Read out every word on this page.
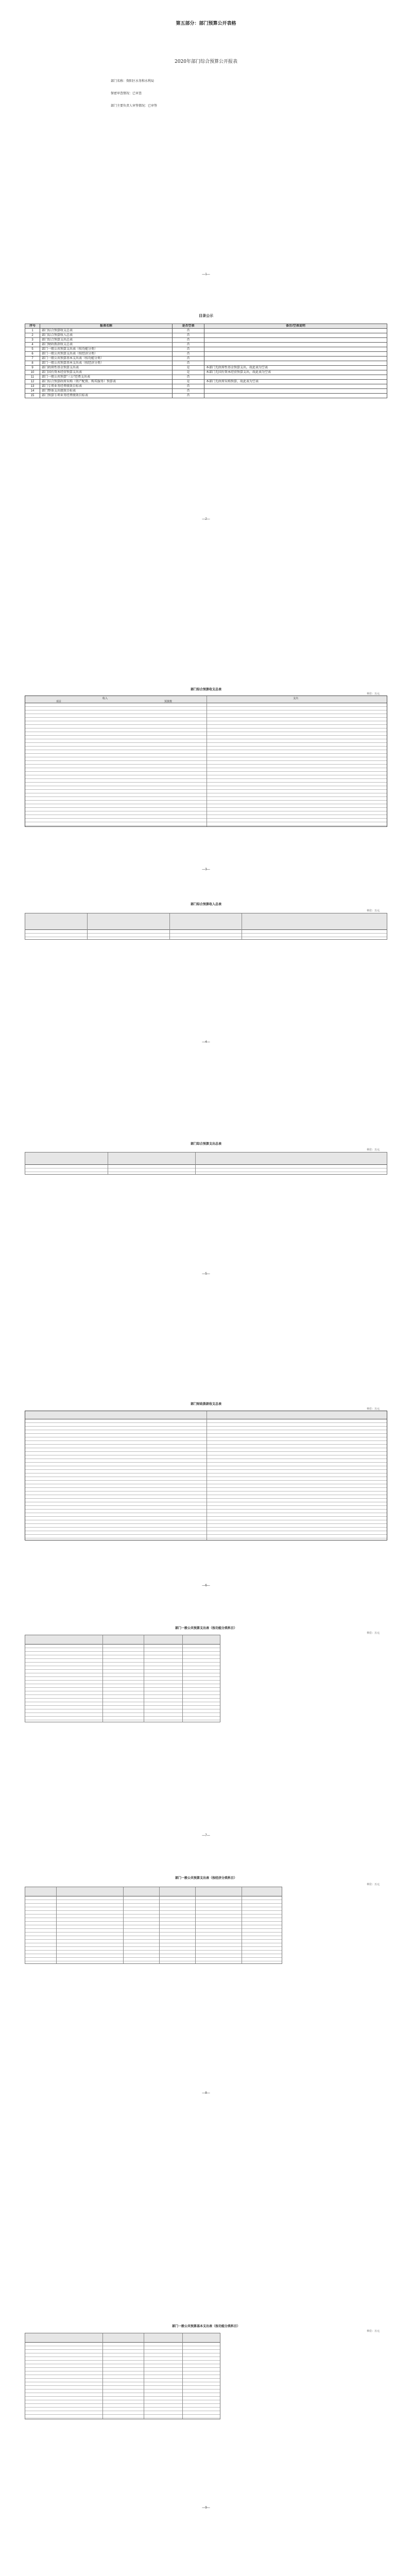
第五部分：部门预算公开表格
2020年部门综合预算公开报表
部门名称：资阳区水务和水利局
保密审查情况：已审查
部门主要负责人审签情况：已审签
—1—
目录公示
序号	报表名称	是否空表	备注/空表说明
1	部门综合预算收支总表	否	
2	部门综合预算收入总表	否	
3	部门综合预算支出总表	否	
4	部门财政拨款收支总表	否	
5	部门一般公共预算支出表（按功能分类）	否	
6	部门一般公共预算支出表（按经济分类）	否	
7	部门一般公共预算基本支出表（按功能分类）	否	
8	部门一般公共预算基本支出表（按经济分类）	否	
9	部门政府性基金预算支出表	是	本部门无政府性基金预算支出，故此表为空表
10	部门国有资本经营预算支出表	是	本部门无国有资本经营预算支出，故此表为空表
11	部门一般公共预算“三公”经费支出表	否	
12	部门综合预算政府采购（资产配置、购买服务）预算表	是	本部门无政府采购预算，故此表为空表
13	部门专项业务经费绩效目标表	否	
14	部门整体支出绩效目标表	否	
15	部门预算专项业务经费绩效目标表	否	
—2—
部门综合预算收支总表
单位：万元
收入	支出
项目	预算数
—3—
部门综合预算收入总表
单位：万元
—4—
部门综合预算支出总表
单位：万元
—5—
部门财政拨款收支总表
单位：万元
—6—
部门一般公共预算支出表（按功能分类科目）
单位：万元
—7—
部门一般公共预算支出表（按经济分类科目）
单位：万元
—8—
部门一般公共预算基本支出表（按功能分类科目）
单位：万元
—9—
